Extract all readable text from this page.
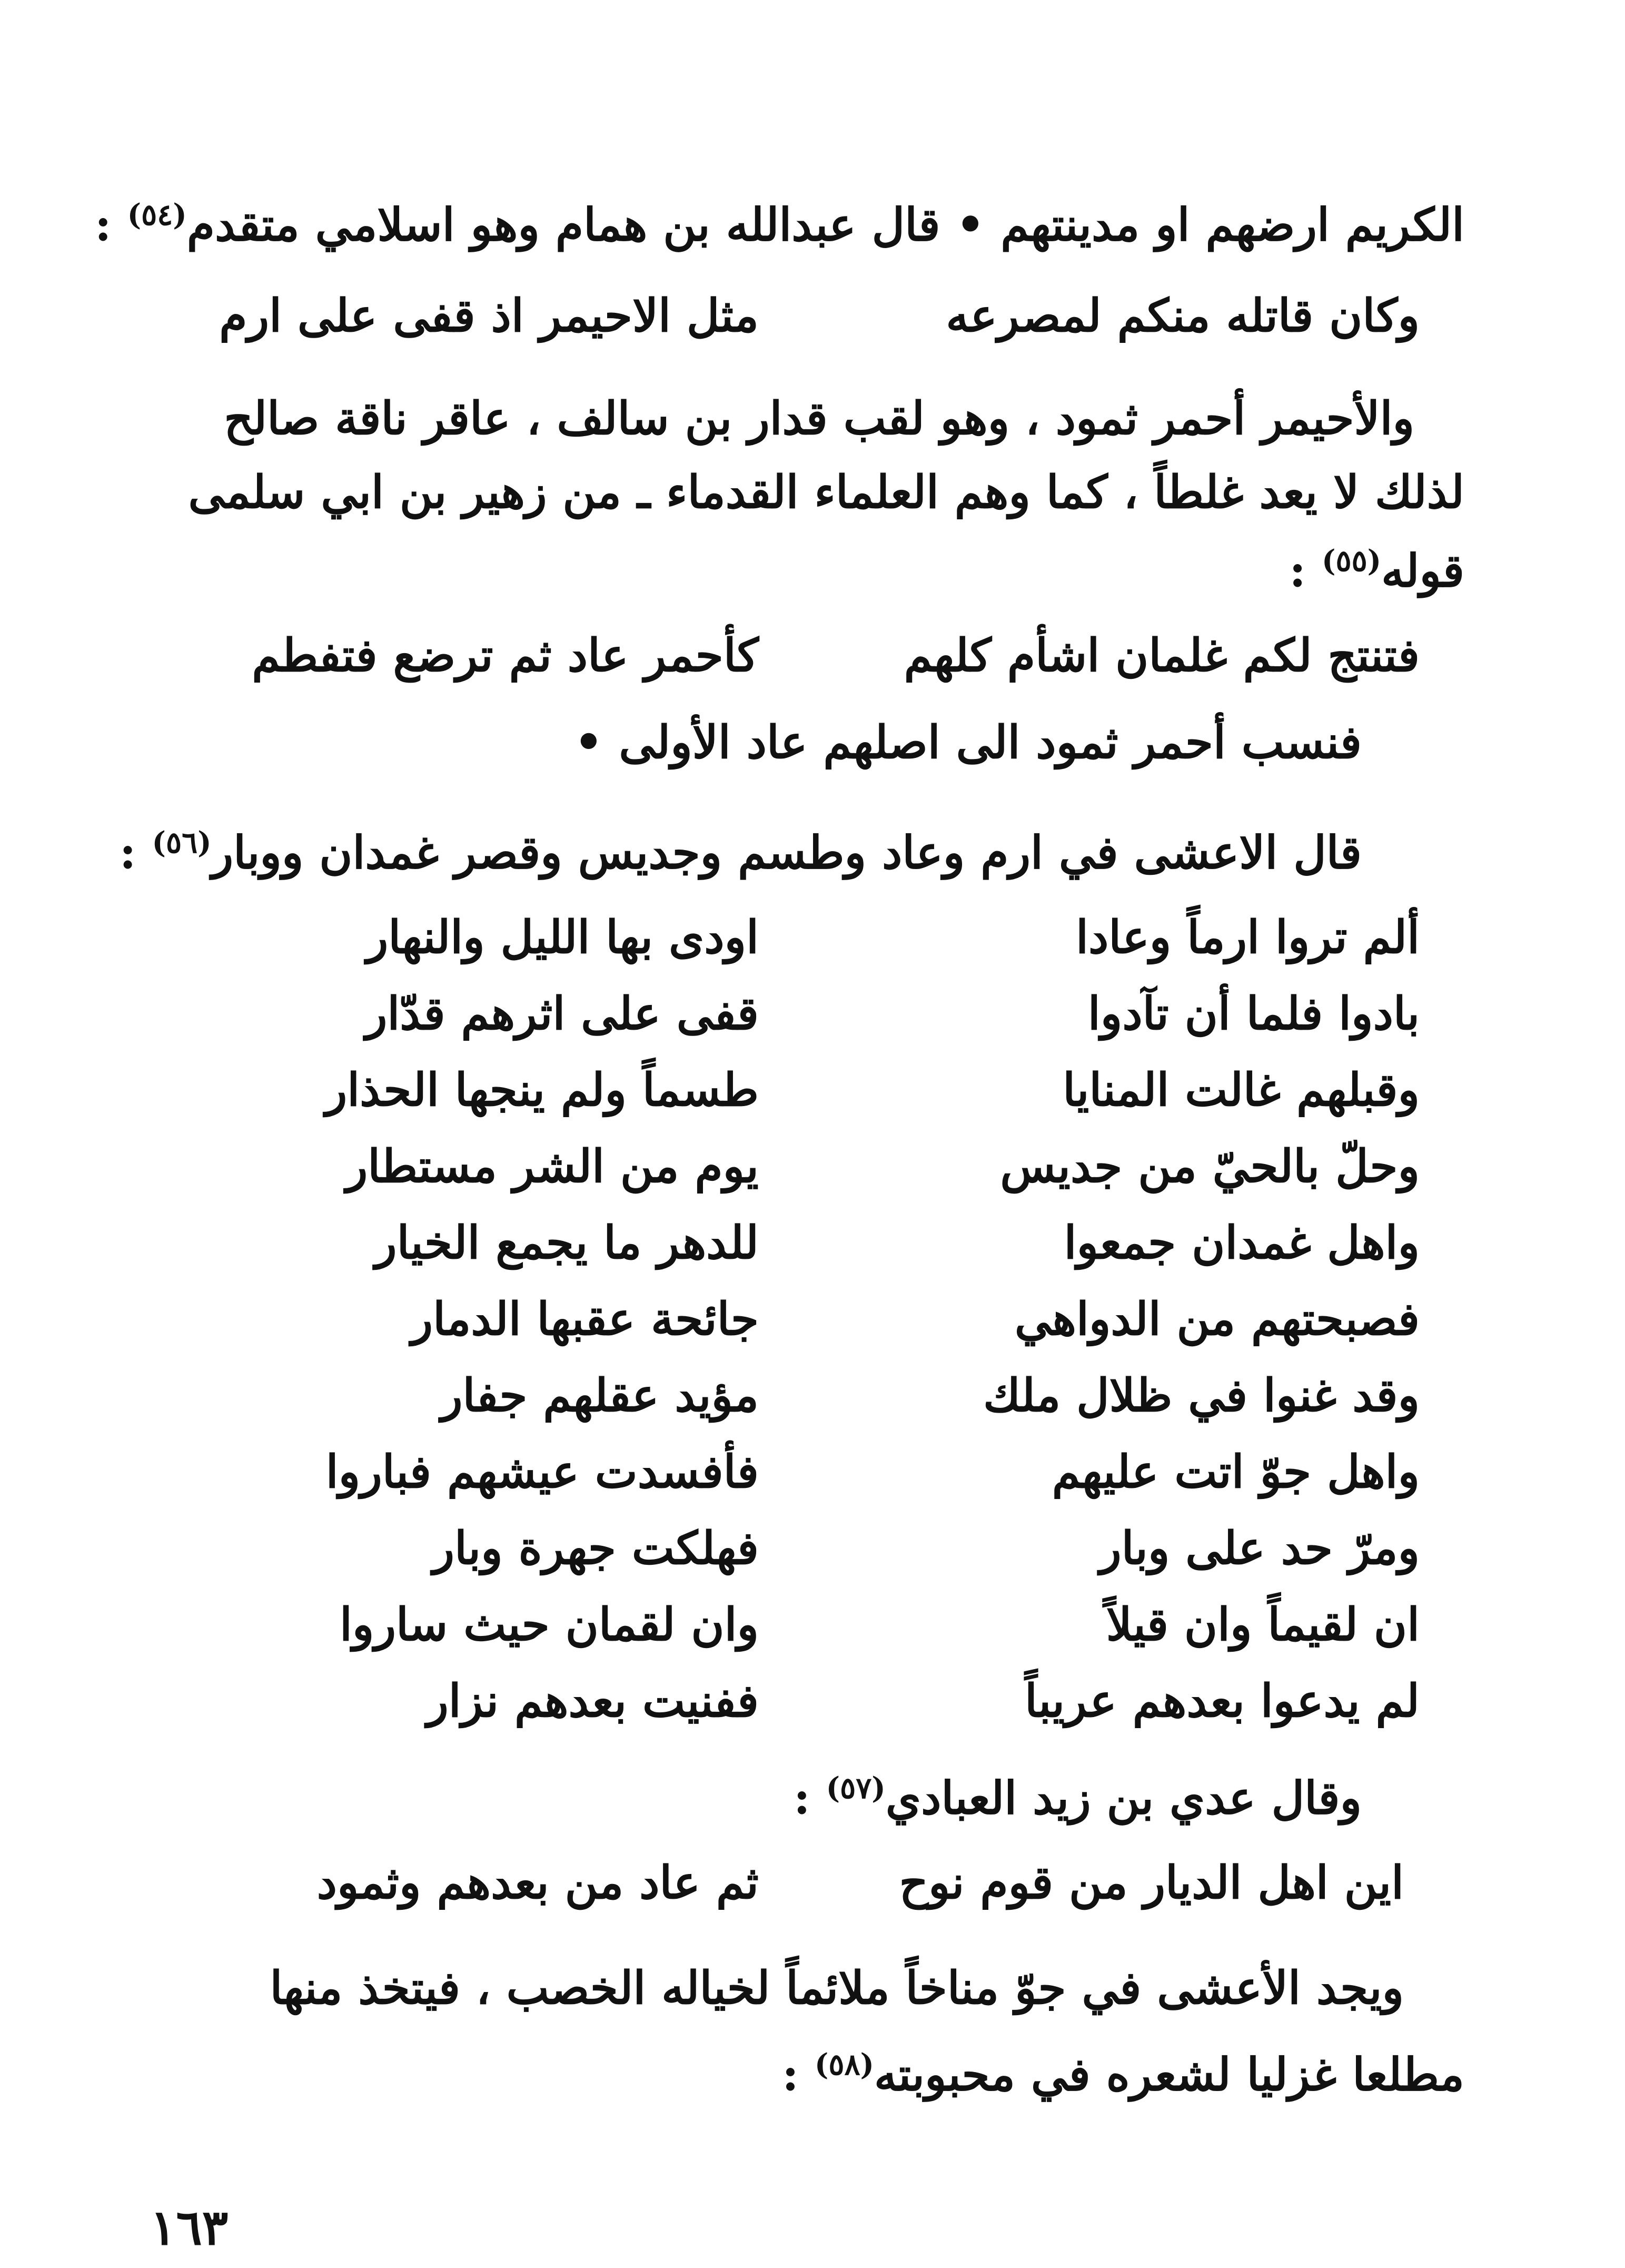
الكريم ارضهم او مدينتهم • قال عبدالله بن همام وهو اسلامي متقدم$^{(٥٤)}$ :
وكان قاتله منكم لمصرعه
مثل الاحيمر اذ قفى على ارم
والأحيمر أحمر ثمود ، وهو لقب قدار بن سالف ، عاقر ناقة صالح
لذلك لا يعد غلطاً ، كما وهم العلماء القدماء ـ من زهير بن ابي سلمى
قوله$^{(٥٥)}$ :
فتنتج لكم غلمان اشأم كلهم
كأحمر عاد ثم ترضع فتفطم
فنسب أحمر ثمود الى اصلهم عاد الأولى •
قال الاعشى في ارم وعاد وطسم وجديس وقصر غمدان ووبار$^{(٥٦)}$ :
ألم تروا ارماً وعادا
اودى بها الليل والنهار
بادوا فلما أن تآدوا
قفى على اثرهم قدّار
وقبلهم غالت المنايا
طسماً ولم ينجها الحذار
وحلّ بالحيّ من جديس
يوم من الشر مستطار
واهل غمدان جمعوا
للدهر ما يجمع الخيار
فصبحتهم من الدواهي
جائحة عقبها الدمار
وقد غنوا في ظلال ملك
مؤيد عقلهم جفار
واهل جوّ اتت عليهم
فأفسدت عيشهم فباروا
ومرّ حد على وبار
فهلكت جهرة وبار
ان لقيماً وان قيلاً
وان لقمان حيث ساروا
لم يدعوا بعدهم عريباً
ففنيت بعدهم نزار
وقال عدي بن زيد العبادي$^{(٥٧)}$ :
اين اهل الديار من قوم نوح
ثم عاد من بعدهم وثمود
ويجد الأعشى في جوّ مناخاً ملائماً لخياله الخصب ، فيتخذ منها
مطلعا غزليا لشعره في محبوبته$^{(٥٨)}$ :
١٦٣
